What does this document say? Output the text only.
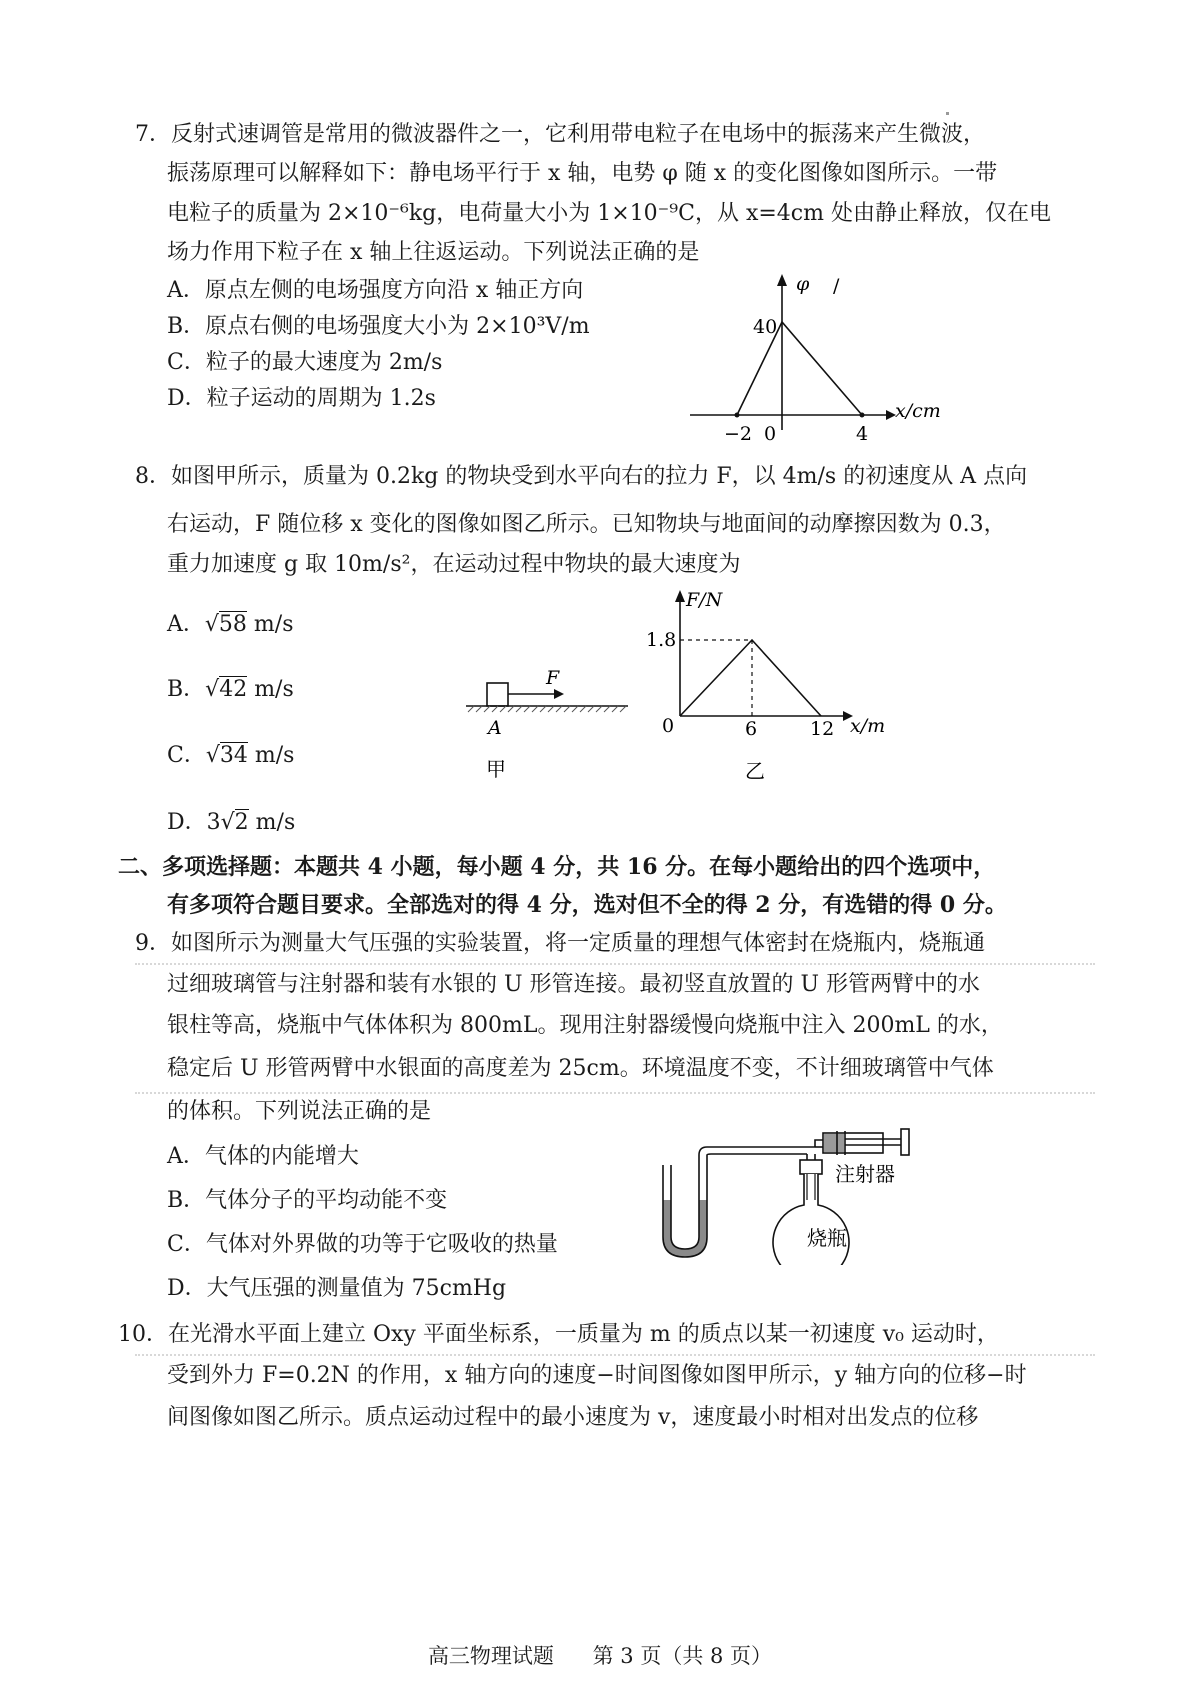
7．反射式速调管是常用的微波器件之一，它利用带电粒子在电场中的振荡来产生微波，
振荡原理可以解释如下：静电场平行于 x 轴，电势 φ 随 x 的变化图像如图所示。一带
电粒子的质量为 2×10⁻⁶kg，电荷量大小为 1×10⁻⁹C，从 x=4cm 处由静止释放，仅在电
场力作用下粒子在 x 轴上往返运动。下列说法正确的是
A．原点左侧的电场强度方向沿 x 轴正方向
B．原点右侧的电场强度大小为 2×10³V/m
C．粒子的最大速度为 2m/s
D．粒子运动的周期为 1.2s
φ /
40
x/cm
−2 0	4
8．如图甲所示，质量为 0.2kg 的物块受到水平向右的拉力 F，以 4m/s 的初速度从 A 点向
右运动，F 随位移 x 变化的图像如图乙所示。已知物块与地面间的动摩擦因数为 0.3，
重力加速度 g 取 10m/s²，在运动过程中物块的最大速度为
A．√58 m/s
B．√42 m/s
C．√34 m/s
D．3√2 m/s
F
A
甲
F/N
1.8
0	6	12 x/m
乙
二、多项选择题：本题共 4 小题，每小题 4 分，共 16 分。在每小题给出的四个选项中，
有多项符合题目要求。全部选对的得 4 分，选对但不全的得 2 分，有选错的得 0 分。
9．如图所示为测量大气压强的实验装置，将一定质量的理想气体密封在烧瓶内，烧瓶通
过细玻璃管与注射器和装有水银的 U 形管连接。最初竖直放置的 U 形管两臂中的水
银柱等高，烧瓶中气体体积为 800mL。现用注射器缓慢向烧瓶中注入 200mL 的水，
稳定后 U 形管两臂中水银面的高度差为 25cm。环境温度不变，不计细玻璃管中气体
的体积。下列说法正确的是
A．气体的内能增大
B．气体分子的平均动能不变
C．气体对外界做的功等于它吸收的热量
D．大气压强的测量值为 75cmHg
注射器
烧瓶
10．在光滑水平面上建立 Oxy 平面坐标系，一质量为 m 的质点以某一初速度 v₀ 运动时，
受到外力 F=0.2N 的作用，x 轴方向的速度−时间图像如图甲所示，y 轴方向的位移−时
间图像如图乙所示。质点运动过程中的最小速度为 v，速度最小时相对出发点的位移
高三物理试题 第 3 页（共 8 页）
